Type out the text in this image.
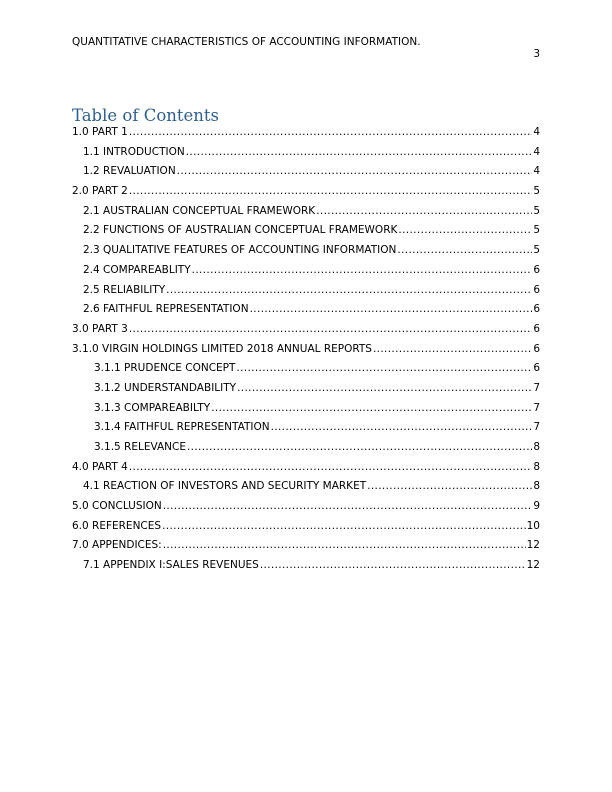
QUANTITATIVE CHARACTERISTICS OF ACCOUNTING INFORMATION.
3
Table of Contents
1.0 PART 1 .....	4
1.1 INTRODUCTION .....	4
1.2 REVALUATION .....	4
2.0 PART 2 .....	5
2.1 AUSTRALIAN CONCEPTUAL FRAMEWORK .....	5
2.2 FUNCTIONS OF AUSTRALIAN CONCEPTUAL FRAMEWORK .....	5
2.3 QUALITATIVE FEATURES OF ACCOUNTING INFORMATION .....	5
2.4 COMPAREABLITY .....	6
2.5 RELIABILITY .....	6
2.6 FAITHFUL REPRESENTATION .....	6
3.0 PART 3 .....	6
3.1.0 VIRGIN HOLDINGS LIMITED 2018 ANNUAL REPORTS .....	6
3.1.1 PRUDENCE CONCEPT .....	6
3.1.2 UNDERSTANDABILITY .....	7
3.1.3 COMPAREABILTY .....	7
3.1.4 FAITHFUL REPRESENTATION .....	7
3.1.5 RELEVANCE .....	8
4.0 PART 4 .....	8
4.1 REACTION OF INVESTORS AND SECURITY MARKET .....	8
5.0 CONCLUSION .....	9
6.0 REFERENCES .....	10
7.0 APPENDICES: .....	12
7.1 APPENDIX I:SALES REVENUES .....	12
